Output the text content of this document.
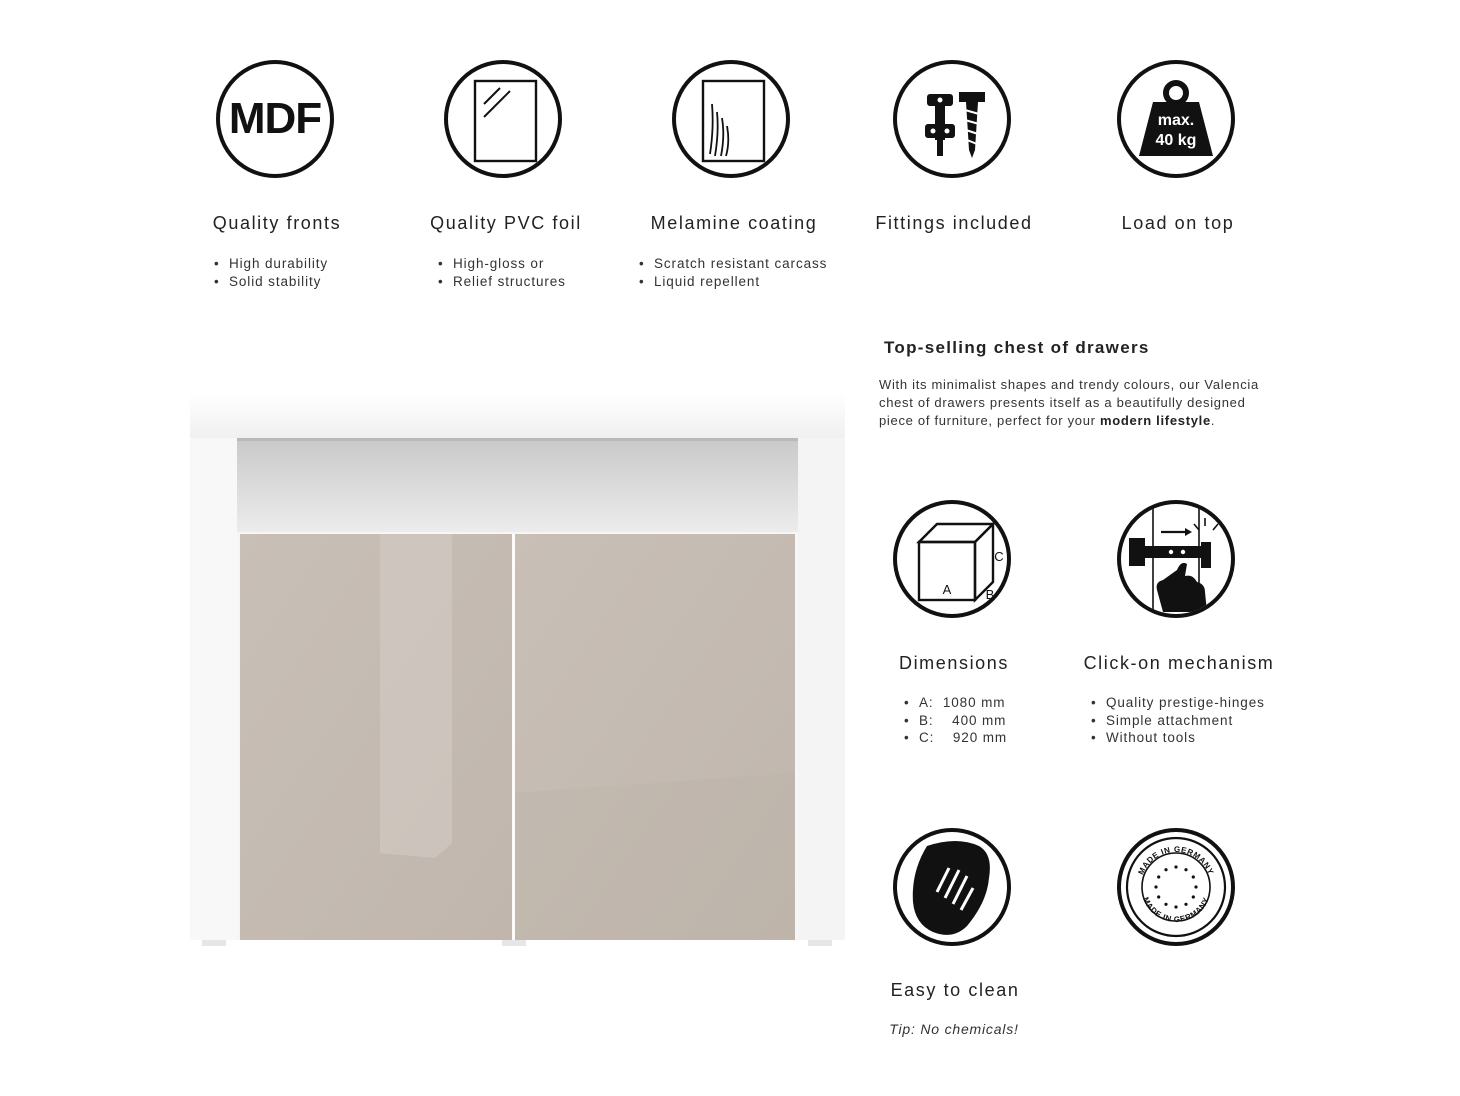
MDF	max.
40 kg
Quality fronts	Quality PVC foil	Melamine coating	Fittings included	Load on top
• High durability
• Solid stability
• High-gloss or
• Relief structures
• Scratch resistant carcass
• Liquid repellent
Top-selling chest of drawers

With its minimalist shapes and trendy colours, our Valencia chest of drawers presents itself as a beautifully designed piece of furniture, perfect for your modern lifestyle.

A	B
C
Dimensions	Click-on mechanism
• A:  1080 mm
• B:    400 mm
• C:    920 mm
• Quality prestige-hinges
• Simple attachment
• Without tools
MADE IN GERMANY
MADE IN GERMANY
Easy to clean
Tip: No chemicals!
